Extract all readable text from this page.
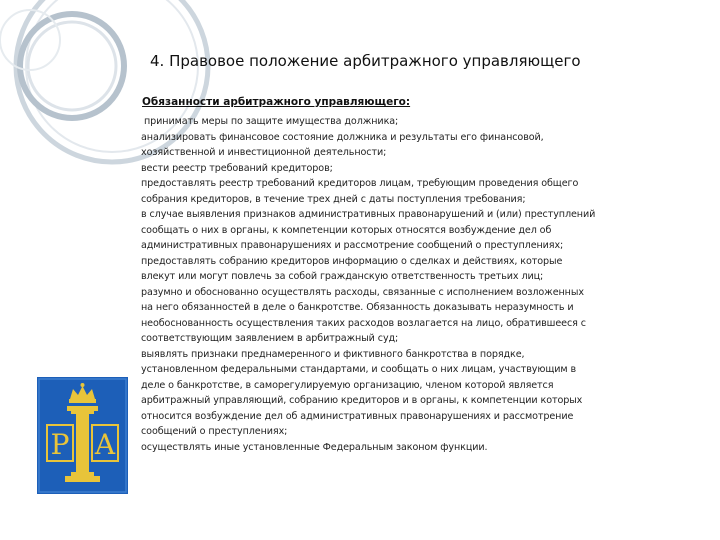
4. Правовое положение арбитражного управляющего
Обязанности арбитражного управляющего:
принимать меры по защите имущества должника;
анализировать финансовое состояние должника и результаты его финансовой,
хозяйственной и инвестиционной деятельности;
вести реестр требований кредиторов;
предоставлять реестр требований кредиторов лицам, требующим проведения общего
собрания кредиторов, в течение трех дней с даты поступления требования;
в случае выявления признаков административных правонарушений и (или) преступлений
сообщать о них в органы, к компетенции которых относятся возбуждение дел об
административных правонарушениях и рассмотрение сообщений о преступлениях;
предоставлять собранию кредиторов информацию о сделках и действиях, которые
влекут или могут повлечь за собой гражданскую ответственность третьих лиц;
разумно и обоснованно осуществлять расходы, связанные с исполнением возложенных
на него обязанностей в деле о банкротстве. Обязанность доказывать неразумность и
необоснованность осуществления таких расходов возлагается на лицо, обратившееся с
соответствующим заявлением в арбитражный суд;
выявлять признаки преднамеренного и фиктивного банкротства в порядке,
установленном федеральными стандартами, и сообщать о них лицам, участвующим в
деле о банкротстве, в саморегулируемую организацию, членом которой является
арбитражный управляющий, собранию кредиторов и в органы, к компетенции которых
относится возбуждение дел об административных правонарушениях и рассмотрение
сообщений о преступлениях;
осуществлять иные установленные Федеральным законом функции.
Р А
